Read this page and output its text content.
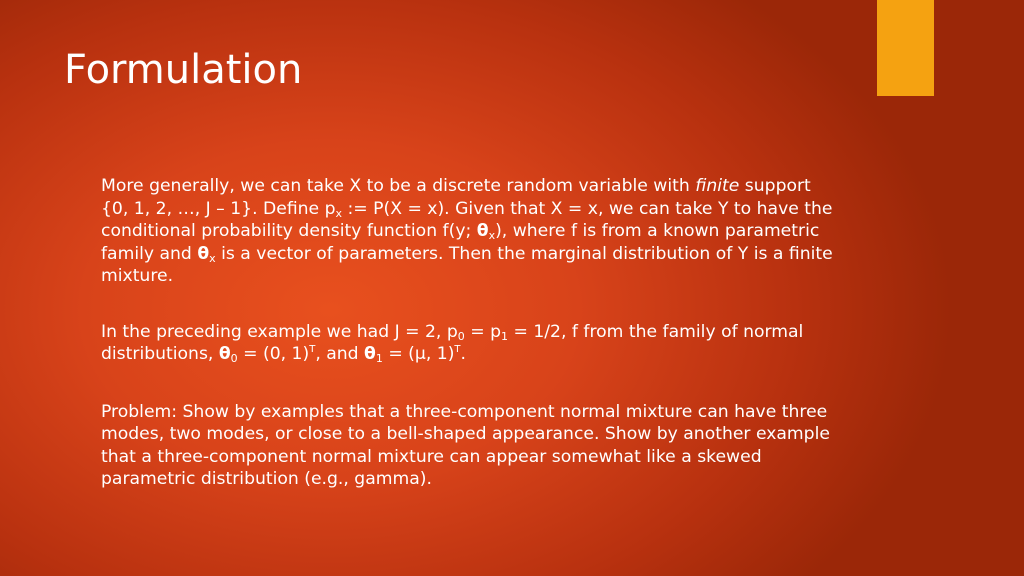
Formulation

More generally, we can take X to be a discrete random variable with finite support {0, 1, 2, …, J – 1}. Define $p_x$ := P(X = x). Given that X = x, we can take Y to have the conditional probability density function f(y; $\theta_x$), where f is from a known parametric family and $\theta_x$ is a vector of parameters. Then the marginal distribution of Y is a finite mixture.

In the preceding example we had J = 2, $p_0 = p_1 = 1/2$, f from the family of normal distributions, $\theta_0 = (0$, 1)$^T$, and $\theta_1 = (\mu$, 1)$^T$.

Problem: Show by examples that a three-component normal mixture can have three modes, two modes, or close to a bell-shaped appearance. Show by another example that a three-component normal mixture can appear somewhat like a skewed parametric distribution (e.g., gamma).
